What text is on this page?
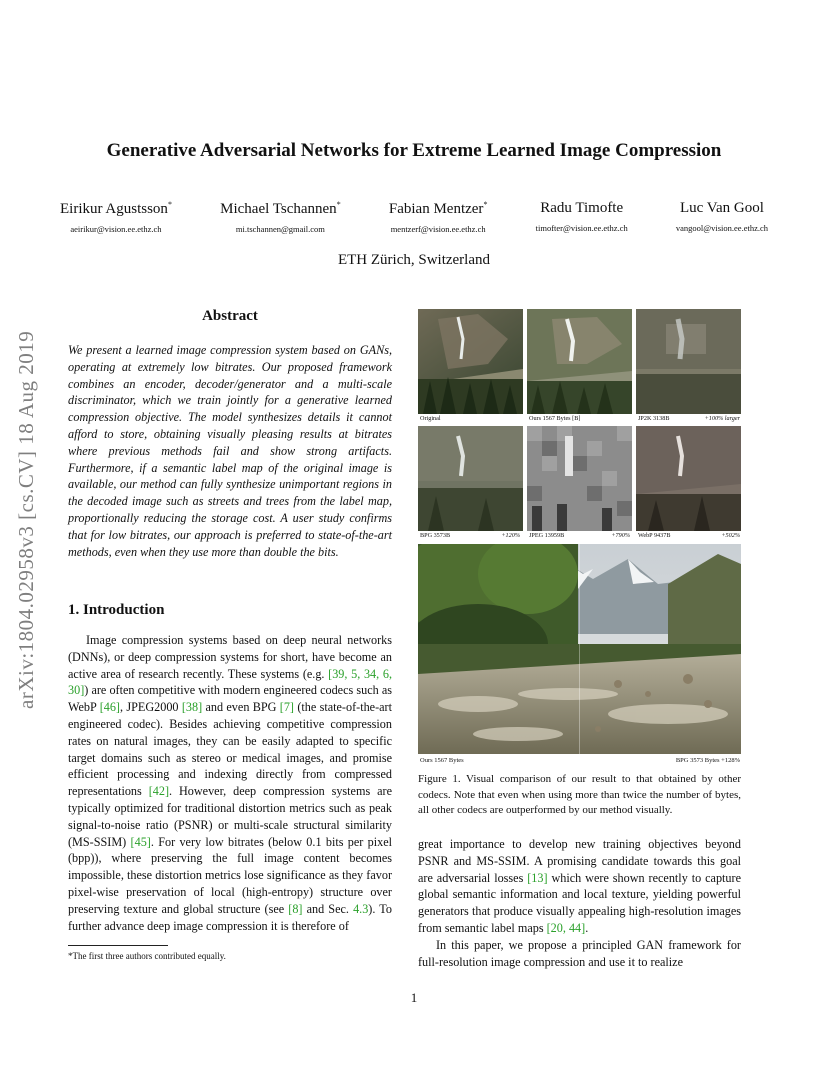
Generative Adversarial Networks for Extreme Learned Image Compression
Eirikur Agustsson*
aeirikur@vision.ee.ethz.ch
Michael Tschannen*
mi.tschannen@gmail.com
Fabian Mentzer*
mentzerf@vision.ee.ethz.ch
Radu Timofte
timofter@vision.ee.ethz.ch
Luc Van Gool
vangool@vision.ee.ethz.ch
ETH Zürich, Switzerland
arXiv:1804.02958v3 [cs.CV] 18 Aug 2019
Abstract
We present a learned image compression system based on GANs, operating at extremely low bitrates. Our proposed framework combines an encoder, decoder/generator and a multi-scale discriminator, which we train jointly for a generative learned compression objective. The model synthesizes details it cannot afford to store, obtaining visually pleasing results at bitrates where previous methods fail and show strong artifacts. Furthermore, if a semantic label map of the original image is available, our method can fully synthesize unimportant regions in the decoded image such as streets and trees from the label map, proportionally reducing the storage cost. A user study confirms that for low bitrates, our approach is preferred to state-of-the-art methods, even when they use more than double the bits.
1. Introduction
Image compression systems based on deep neural networks (DNNs), or deep compression systems for short, have become an active area of research recently. These systems (e.g. [39, 5, 34, 6, 30]) are often competitive with modern engineered codecs such as WebP [46], JPEG2000 [38] and even BPG [7] (the state-of-the-art engineered codec). Besides achieving competitive compression rates on natural images, they can be easily adapted to specific target domains such as stereo or medical images, and promise efficient processing and indexing directly from compressed representations [42]. However, deep compression systems are typically optimized for traditional distortion metrics such as peak signal-to-noise ratio (PSNR) or multi-scale structural similarity (MS-SSIM) [45]. For very low bitrates (below 0.1 bits per pixel (bpp)), where preserving the full image content becomes impossible, these distortion metrics lose significance as they favor pixel-wise preservation of local (high-entropy) structure over preserving texture and global structure (see [8] and Sec. 4.3). To further advance deep image compression it is therefore of
*The first three authors contributed equally.
1
Original	Ours 1567 Bytes [B]	JP2K 3138B	+100% larger
BPG 3573B	+120% JPEG 13959B	+790% WebP 9437B	+502%
Ours 1567 Bytes	BPG 3573 Bytes +128%
Figure 1. Visual comparison of our result to that obtained by other codecs. Note that even when using more than twice the number of bytes, all other codecs are outperformed by our method visually.

great importance to develop new training objectives beyond PSNR and MS-SSIM. A promising candidate towards this goal are adversarial losses [13] which were shown recently to capture global semantic information and local texture, yielding powerful generators that produce visually appealing high-resolution images from semantic label maps [20, 44].

In this paper, we propose a principled GAN framework for full-resolution image compression and use it to realize
